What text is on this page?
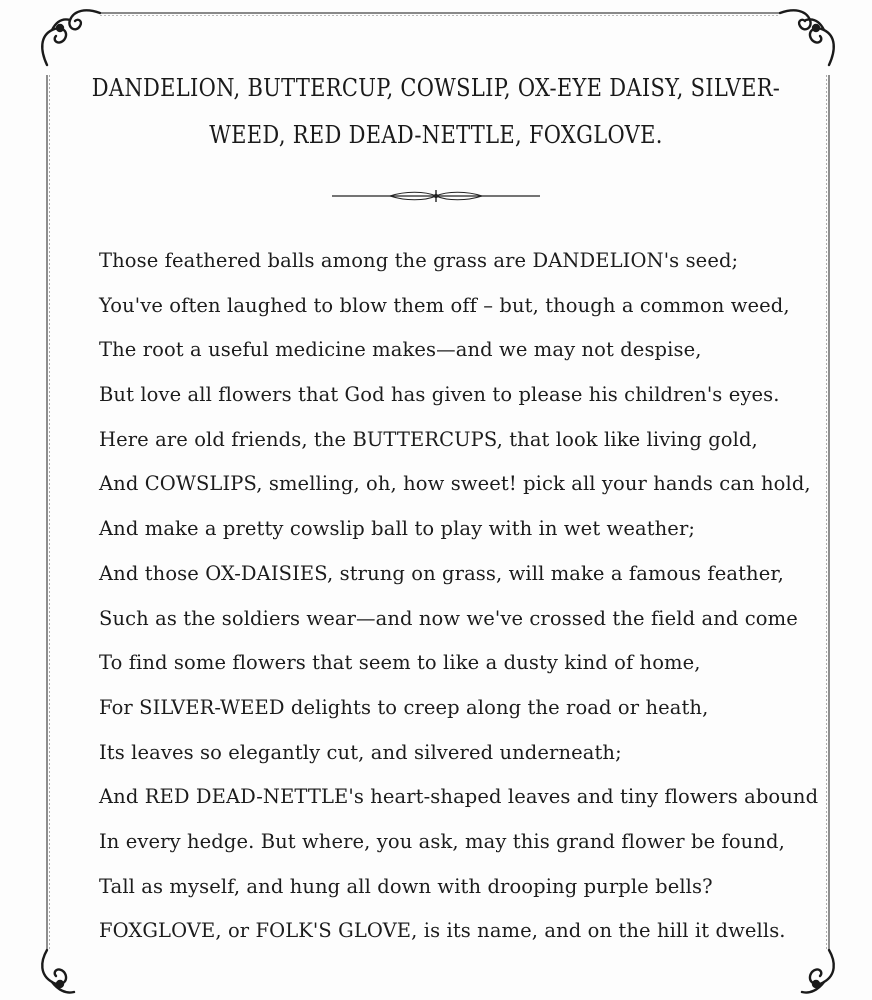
DANDELION, BUTTERCUP, COWSLIP, OX-EYE DAISY, SILVER-
WEED, RED DEAD-NETTLE, FOXGLOVE.
Those feathered balls among the grass are DANDELION's seed;
You've often laughed to blow them off – but, though a common weed,
The root a useful medicine makes—and we may not despise,
But love all flowers that God has given to please his children's eyes.
Here are old friends, the BUTTERCUPS, that look like living gold,
And COWSLIPS, smelling, oh, how sweet! pick all your hands can hold,
And make a pretty cowslip ball to play with in wet weather;
And those OX-DAISIES, strung on grass, will make a famous feather,
Such as the soldiers wear—and now we've crossed the field and come
To find some flowers that seem to like a dusty kind of home,
For SILVER-WEED delights to creep along the road or heath,
Its leaves so elegantly cut, and silvered underneath;
And RED DEAD-NETTLE's heart-shaped leaves and tiny flowers abound
In every hedge. But where, you ask, may this grand flower be found,
Tall as myself, and hung all down with drooping purple bells?
FOXGLOVE, or FOLK'S GLOVE, is its name, and on the hill it dwells.
